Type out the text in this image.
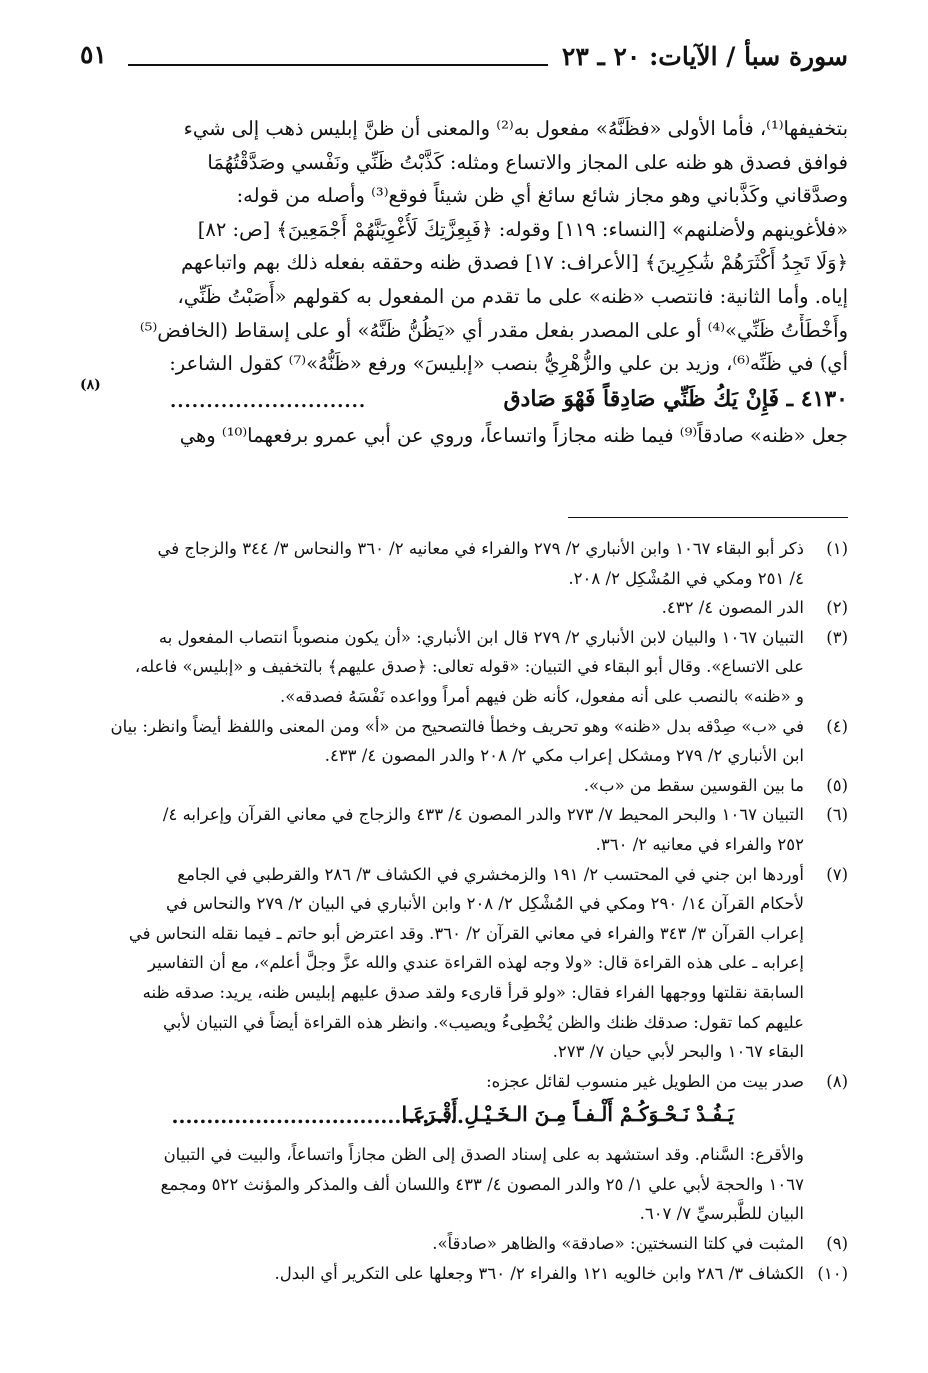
سورة سبأ / الآيات: ٢٠ ـ ٢٣
٥١
بتخفيفها⁽¹⁾، فأما الأولى «فظَنَّهُ» مفعول به⁽²⁾ والمعنى أن ظنَّ إبليس ذهب إلى شيء
فوافق فصدق هو ظنه على المجاز والاتساع ومثله: كَذَّبْتُ ظَنِّي ونَفْسي وصَدَّقْتُهُمَا
وصدَّقاني وكَذَّباني وهو مجاز شائع سائغ أي ظن شيئاً فوقع⁽³⁾ وأصله من قوله:
«فلأغوينهم ولأضلنهم» [النساء: ١١٩] وقوله: ﴿فَبِعِزَّتِكَ لَأُغْوِيَنَّهُمْ أَجْمَعِينَ﴾ [ص: ٨٢]
﴿وَلَا تَجِدُ أَكْثَرَهُمْ شَٰكِرِينَ﴾ [الأعراف: ١٧] فصدق ظنه وحققه بفعله ذلك بهم واتباعهم
إياه. وأما الثانية: فانتصب «ظنه» على ما تقدم من المفعول به كقولهم «أَصَبْتُ ظَنِّي،
وأَخْطَأْتُ ظَنِّي»⁽⁴⁾ أو على المصدر بفعل مقدر أي «يَظُنُّ ظَنَّهُ» أو على إسقاط (الخافض⁽⁵⁾
أي) في ظَنِّه⁽⁶⁾، وزيد بن علي والزُّهْرِيُّ بنصب «إبليسَ» ورفع «ظَنُّهُ»⁽⁷⁾ كقول الشاعر:
٤١٣٠ ـ فَإِنْ يَكُ ظَنِّي صَادِقاً فَهْوَ صَادق
...........................
(٨)
جعل «ظنه» صادقاً⁽⁹⁾ فيما ظنه مجازاً واتساعاً، وروي عن أبي عمرو برفعهما⁽¹⁰⁾ وهي
(١)
ذكر أبو البقاء ١٠٦٧ وابن الأنباري ٢/ ٢٧٩ والفراء في معانيه ٢/ ٣٦٠ والنحاس ٣/ ٣٤٤ والزجاج في
٤/ ٢٥١ ومكي في المُشْكِل ٢/ ٢٠٨.
(٢)
الدر المصون ٤/ ٤٣٢.
(٣)
التبيان ١٠٦٧ والبيان لابن الأنباري ٢/ ٢٧٩ قال ابن الأنباري: «أن يكون منصوباً انتصاب المفعول به
على الاتساع». وقال أبو البقاء في التبيان: «قوله تعالى: ﴿صدق عليهم﴾ بالتخفيف و «إبليس» فاعله،
و «ظنه» بالنصب على أنه مفعول، كأنه ظن فيهم أمراً وواعده نَفْسَهُ فصدقه».
(٤)
في «ب» صِدْقه بدل «ظنه» وهو تحريف وخطأ فالتصحيح من «أ» ومن المعنى واللفظ أيضاً وانظر: بيان
ابن الأنباري ٢/ ٢٧٩ ومشكل إعراب مكي ٢/ ٢٠٨ والدر المصون ٤/ ٤٣٣.
(٥)
ما بين القوسين سقط من «ب».
(٦)
التبيان ١٠٦٧ والبحر المحيط ٧/ ٢٧٣ والدر المصون ٤/ ٤٣٣ والزجاج في معاني القرآن وإعرابه ٤/
٢٥٢ والفراء في معانيه ٢/ ٣٦٠.
(٧)
أوردها ابن جني في المحتسب ٢/ ١٩١ والزمخشري في الكشاف ٣/ ٢٨٦ والقرطبي في الجامع
لأحكام القرآن ١٤/ ٢٩٠ ومكي في المُشْكِل ٢/ ٢٠٨ وابن الأنباري في البيان ٢/ ٢٧٩ والنحاس في
إعراب القرآن ٣/ ٣٤٣ والفراء في معاني القرآن ٢/ ٣٦٠. وقد اعترض أبو حاتم ـ فيما نقله النحاس في
إعرابه ـ على هذه القراءة قال: «ولا وجه لهذه القراءة عندي والله عزَّ وجلَّ أعلم»، مع أن التفاسير
السابقة نقلتها ووجهها الفراء فقال: «ولو قرأ قارىء ولقد صدق عليهم إبليس ظنه، يريد: صدقه ظنه
عليهم كما تقول: صدقك ظنك والظن يُخْطِىءُ ويصيب». وانظر هذه القراءة أيضاً في التبيان لأبي
البقاء ١٠٦٧ والبحر لأبي حيان ٧/ ٢٧٣.
(٨)
صدر بيت من الطويل غير منسوب لقائل عجزه:
يَـفُـدْ نَـحْـوَكُـمْ أَلْـفـاً مِـنَ الـخَـيْـلِ أَقْـرَعَـا
..........................................
والأقرع: السَّنام. وقد استشهد به على إسناد الصدق إلى الظن مجازاً واتساعاً، والبيت في التبيان
١٠٦٧ والحجة لأبي علي ١/ ٢٥ والدر المصون ٤/ ٤٣٣ واللسان ألف والمذكر والمؤنث ٥٢٢ ومجمع
البيان للطَّبرسيِّ ٧/ ٦٠٧.
(٩)
المثبت في كلتا النسختين: «صادقة» والظاهر «صادقاً».
(١٠)
الكشاف ٣/ ٢٨٦ وابن خالويه ١٢١ والفراء ٢/ ٣٦٠ وجعلها على التكرير أي البدل.
